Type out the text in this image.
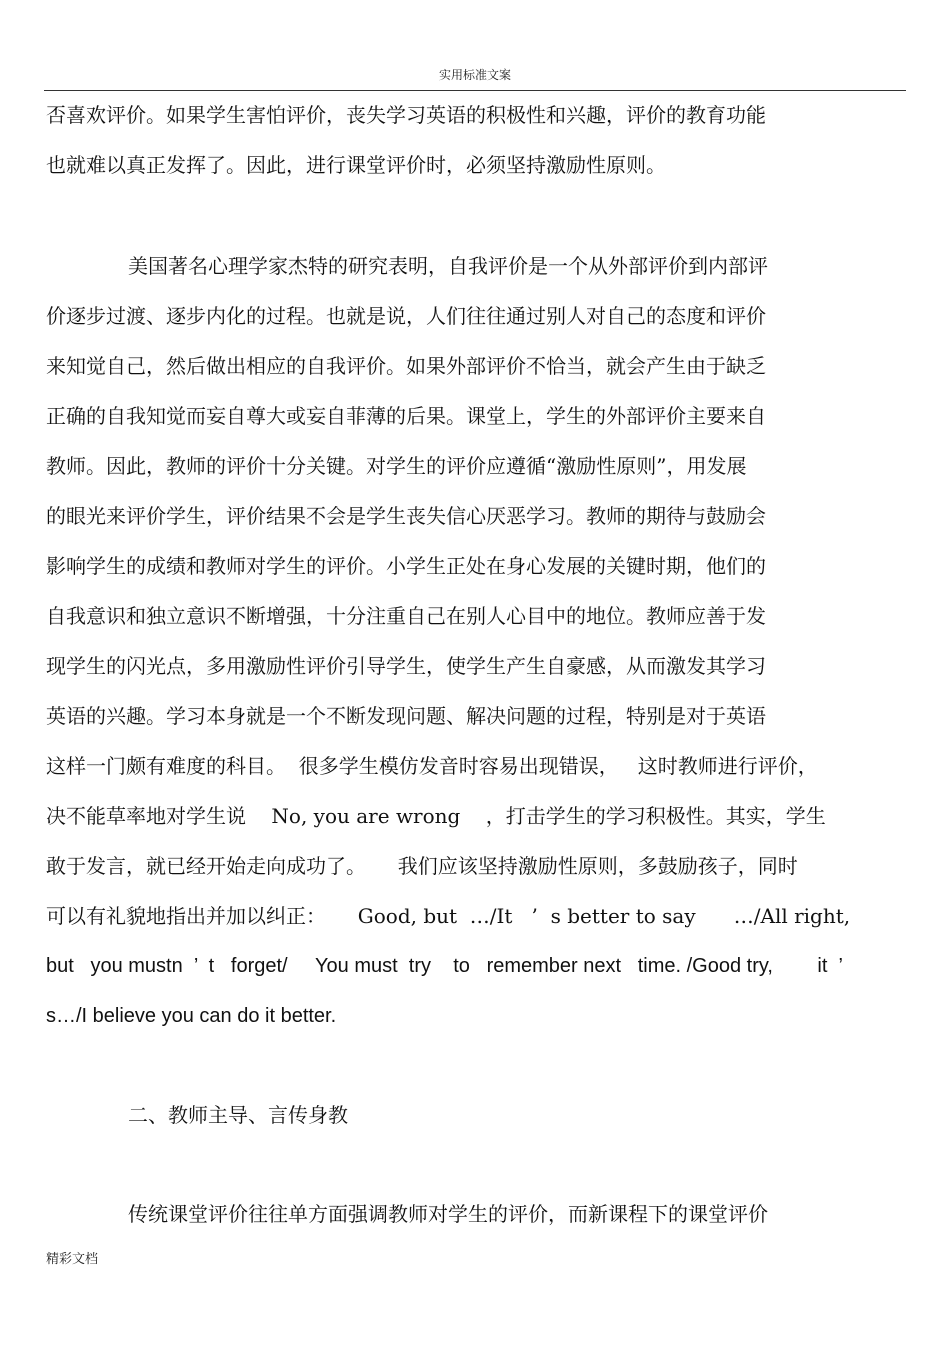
实用标准文案
否喜欢评价。如果学生害怕评价，丧失学习英语的积极性和兴趣，评价的教育功能
也就难以真正发挥了。因此，进行课堂评价时，必须坚持激励性原则。
美国著名心理学家杰特的研究表明，自我评价是一个从外部评价到内部评
价逐步过渡、逐步内化的过程。也就是说，人们往往通过别人对自己的态度和评价
来知觉自己，然后做出相应的自我评价。如果外部评价不恰当，就会产生由于缺乏
正确的自我知觉而妄自尊大或妄自菲薄的后果。课堂上，学生的外部评价主要来自
教师。因此，教师的评价十分关键。对学生的评价应遵循“激励性原则”，用发展
的眼光来评价学生，评价结果不会是学生丧失信心厌恶学习。教师的期待与鼓励会
影响学生的成绩和教师对学生的评价。小学生正处在身心发展的关键时期，他们的
自我意识和独立意识不断增强，十分注重自己在别人心目中的地位。教师应善于发
现学生的闪光点，多用激励性评价引导学生，使学生产生自豪感，从而激发其学习
英语的兴趣。学习本身就是一个不断发现问题、解决问题的过程，特别是对于英语
这样一门颇有难度的科目。  很多学生模仿发音时容易出现错误，   这时教师进行评价，
决不能草率地对学生说    No, you are wrong    ，打击学生的学习积极性。其实，学生
敢于发言，就已经开始走向成功了。     我们应该坚持激励性原则，多鼓励孩子，同时
可以有礼貌地指出并加以纠正：     Good, but  …/It   ’  s better to say      …/All right,
but   you mustn  ’  t   forget/     You must  try    to   remember next   time. /Good try,        it  ’
s…/I believe you can do it better.
二、教师主导、言传身教
传统课堂评价往往单方面强调教师对学生的评价，而新课程下的课堂评价
精彩文档
